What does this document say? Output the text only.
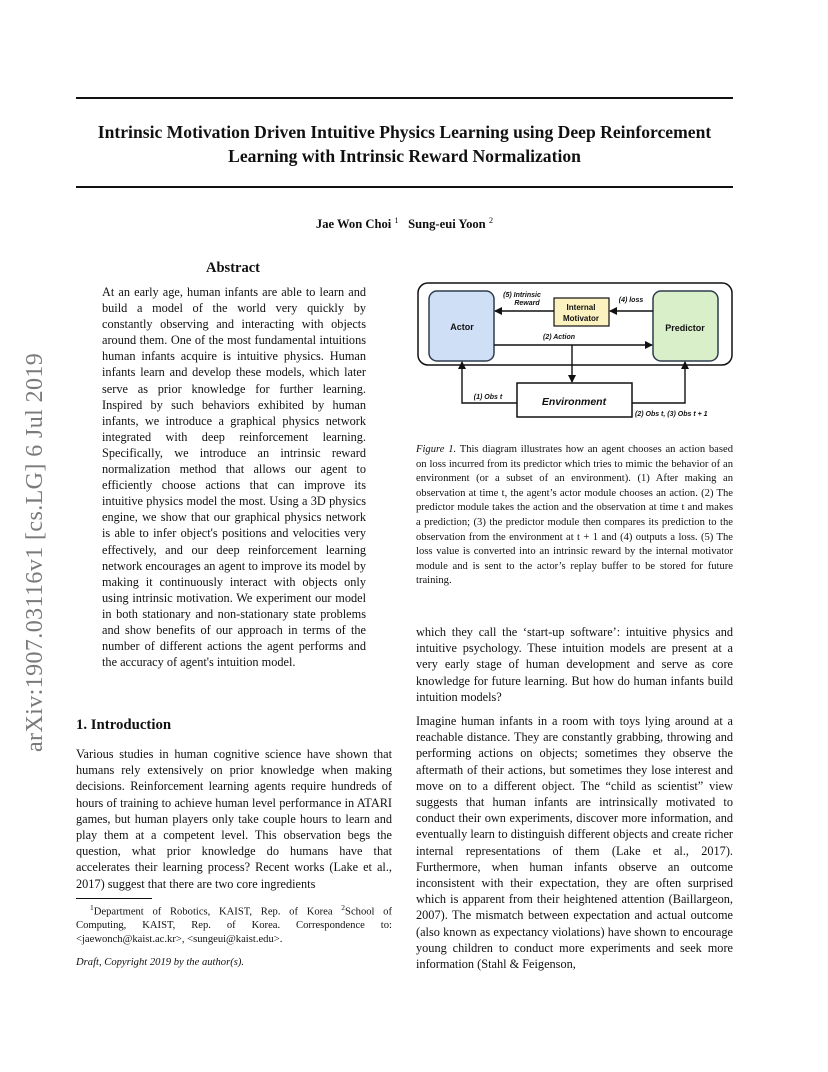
Intrinsic Motivation Driven Intuitive Physics Learning using Deep Reinforcement Learning with Intrinsic Reward Normalization
Jae Won Choi $^1$ Sung-eui Yoon $^2$
arXiv:1907.03116v1 [cs.LG] 6 Jul 2019
Abstract
At an early age, human infants are able to learn and build a model of the world very quickly by constantly observing and interacting with objects around them. One of the most fundamental intuitions human infants acquire is intuitive physics. Human infants learn and develop these models, which later serve as prior knowledge for further learning. Inspired by such behaviors exhibited by human infants, we introduce a graphical physics network integrated with deep reinforcement learning. Specifically, we introduce an intrinsic reward normalization method that allows our agent to efficiently choose actions that can improve its intuitive physics model the most. Using a 3D physics engine, we show that our graphical physics network is able to infer object's positions and velocities very effectively, and our deep reinforcement learning network encourages an agent to improve its model by making it continuously interact with objects only using intrinsic motivation. We experiment our model in both stationary and non-stationary state problems and show benefits of our approach in terms of the number of different actions the agent performs and the accuracy of agent's intuition model.
1. Introduction
Various studies in human cognitive science have shown that humans rely extensively on prior knowledge when making decisions. Reinforcement learning agents require hundreds of hours of training to achieve human level performance in ATARI games, but human players only take couple hours to learn and play them at a competent level. This observation begs the question, what prior knowledge do humans have that accelerates their learning process? Recent works (Lake et al., 2017) suggest that there are two core ingredients
$^1$Department of Robotics, KAIST, Rep. of Korea $^2$School of Computing, KAIST, Rep. of Korea. Correspondence to: <jaewonch@kaist.ac.kr>, <sungeui@kaist.edu>.
Draft, Copyright 2019 by the author(s).
Actor	Predictor
Internal
Motivator
(4) loss
(5) Intrinsic
Reward
(2) Action
Environment
(1) Obs t
(2) Obs t, (3) Obs t + 1
Figure 1. This diagram illustrates how an agent chooses an action based on loss incurred from its predictor which tries to mimic the behavior of an environment (or a subset of an environment). (1) After making an observation at time t, the agent’s actor module chooses an action. (2) The predictor module takes the action and the observation at time t and makes a prediction; (3) the predictor module then compares its prediction to the observation from the environment at t + 1 and (4) outputs a loss. (5) The loss value is converted into an intrinsic reward by the internal motivator module and is sent to the actor’s replay buffer to be stored for future training.
which they call the ‘start-up software’: intuitive physics and intuitive psychology. These intuition models are present at a very early stage of human development and serve as core knowledge for future learning. But how do human infants build intuition models?
Imagine human infants in a room with toys lying around at a reachable distance. They are constantly grabbing, throwing and performing actions on objects; sometimes they observe the aftermath of their actions, but sometimes they lose interest and move on to a different object. The “child as scientist” view suggests that human infants are intrinsically motivated to conduct their own experiments, discover more information, and eventually learn to distinguish different objects and create richer internal representations of them (Lake et al., 2017). Furthermore, when human infants observe an outcome inconsistent with their expectation, they are often surprised which is apparent from their heightened attention (Baillargeon, 2007). The mismatch between expectation and actual outcome (also known as expectancy violations) have shown to encourage young children to conduct more experiments and seek more information (Stahl & Feigenson,
